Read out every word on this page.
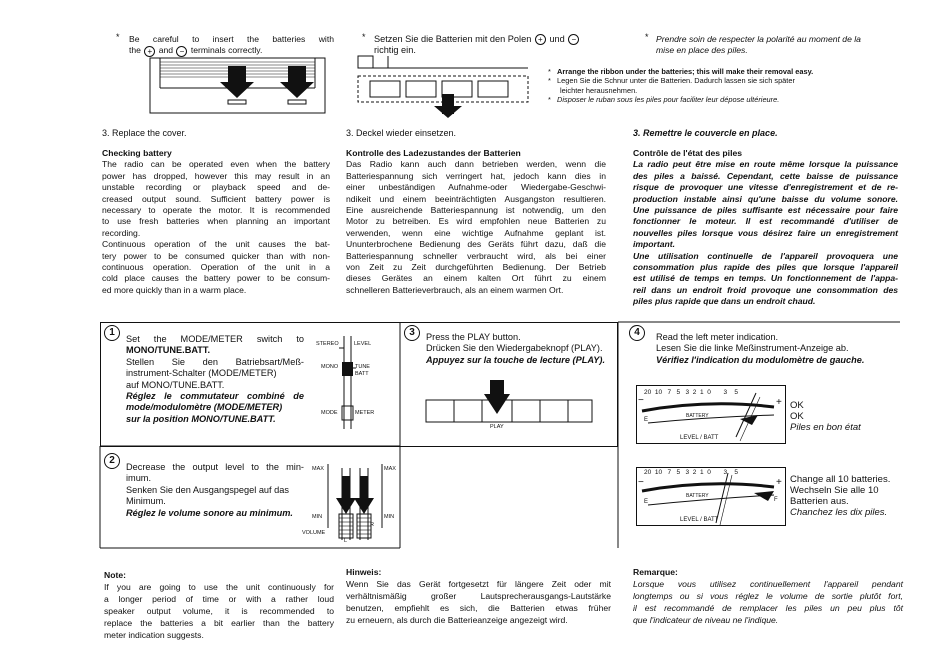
* Be careful to insert the batteries with

the + and − terminals correctly.

* Setzen Sie die Batterien mit den Polen + und −

richtig ein.

* Prendre soin de respecter la polarité au moment de la

mise en place des piles.

*   Arrange the ribbon under the batteries; this will make their removal easy.
*   Legen Sie die Schnur unter die Batterien. Dadurch lassen sie sich später
leichter herausnehmen.
*   Disposer le ruban sous les piles pour faciliter leur dépose ultérieure.
3. Replace the cover.	3. Deckel wieder einsetzen.	3. Remettre le couvercle en place.

Checking battery

The radio can be operated even when the battery
power has dropped, however this may result in an
unstable recording or playback speed and de-
creased output sound. Sufficient battery power is
necessary to operate the motor. It is recommended
to use fresh batteries when planning an important
recording.
Continuous operation of the unit causes the bat-
tery power to be consumed quicker than with non-
continuous operation. Operation of the unit in a
cold place causes the battery power to be consum-
ed more quickly than in a warm place.

Kontrolle des Ladezustandes der Batterien

Das Radio kann auch dann betrieben werden, wenn die
Batteriespannung sich verringert hat, jedoch kann dies in
einer unbeständigen Aufnahme-oder Wiedergabe-Geschwi-
ndikeit und einem beeinträchtigten Ausgangston resultieren.
Eine ausreichende Batteriespannung ist notwendig, um den
Motor zu betreiben. Es wird empfohlen neue Batterien zu
verwenden, wenn eine wichtige Aufnahme geplant ist.
Ununterbrochene Bedienung des Geräts führt dazu, daß die
Batteriespannung schneller verbraucht wird, als bei einer
von Zeit zu Zeit durchgeführten Bedienung. Der Betrieb
dieses Gerätes an einem kalten Ort führt zu einem
schnelleren Batterieverbrauch, als an einem warmen Ort.

Contrôle de l'état des piles

La radio peut être mise en route même lorsque la puissance
des piles a baissé. Cependant, cette baisse de puissance
risque de provoquer une vitesse d'enregistrement et de re-
production instable ainsi qu'une baisse du volume sonore.
Une puissance de piles suffisante est nécessaire pour faire
fonctionner le moteur. Il est recommandé d'utiliser de
nouvelles piles lorsque vous désirez faire un enregistrement
important.
Une utilisation continuelle de l'appareil provoquera une
consommation plus rapide des piles que lorsque l'appareil
est utilisé de temps en temps. Un fonctionnement de l'appa-
reil dans un endroit froid provoque une consommation des
piles plus rapide que dans un endroit chaud.
1
Set the MODE/METER switch to
MONO/TUNE.BATT.
Stellen Sie den Batriebsart/Meß-
instrument-Schalter (MODE/METER)
auf MONO/TUNE.BATT.
Réglez le commutateur combiné de
mode/modulomètre (MODE/METER)
sur la position MONO/TUNE.BATT.
STEREO	LEVEL
MONO	TUNE
BATT
MODE	METER
2
Decrease the output level to the min-
imum.
Senken Sie den Ausgangspegel auf das
Minimum.
Réglez le volume sonore au minimum.
MAX	MAX
MIN	MIN
L
R
VOLUME
3	Press the PLAY button.
Drücken Sie den Wiedergabeknopf (PLAY).
Appuyez sur la touche de lecture (PLAY).
PLAY
4	Read the left meter indication.
Lesen Sie die linke Meßinstrument-Anzeige ab.
Vérifiez l'indication du modulomètre de gauche.
20  10   7   5   3  2  1  0       3    5
−	+
BATTERY
E
LEVEL / BATT
OK
OK
Piles en bon état
20  10   7   5   3  2  1  0       3    5
−	+
BATTERY
E	F
LEVEL / BATT
Change all 10 batteries.
Wechseln Sie alle 10
Batterien aus.
Chanchez les dix piles.
Note:
If you are going to use the unit continuously for
a longer period of time or with a rather loud
speaker output volume, it is recommended to
replace the batteries a bit earlier than the battery
meter indication suggests.
Hinweis:
Wenn Sie das Gerät fortgesetzt für längere Zeit oder mit
verhältnismäßig großer Lautsprecherausgangs-Lautstärke
benutzen, empfiehlt es sich, die Batterien etwas früher
zu erneuern, als durch die Batterieanzeige angezeigt wird.
Remarque:
Lorsque vous utilisez continuellement l'appareil pendant
longtemps ou si vous réglez le volume de sortie plutôt fort,
il est recommandé de remplacer les piles un peu plus tôt
que l'indicateur de niveau ne l'indique.
